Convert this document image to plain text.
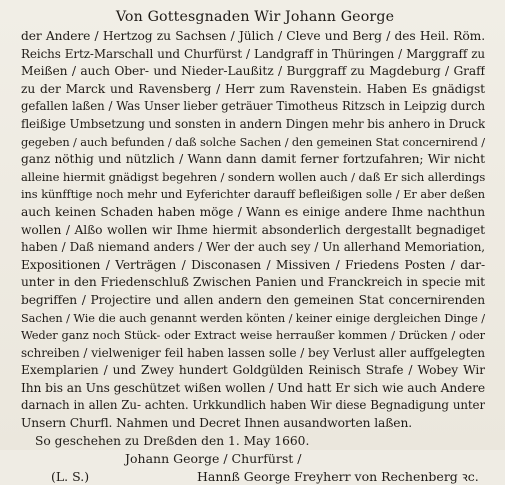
Von Gottesgnaden Wir Johann George
der Andere / Hertzog zu Sachsen / Jülich / Cleve und Berg / des Heil. Röm.
Reichs Ertz-Marschall und Churfürst / Landgraff in Thüringen / Marggraff zu
Meißen / auch Ober- und Nieder-Laußitz / Burggraff zu Magdeburg / Graff
zu der Marck und Ravensberg / Herr zum Ravenstein. Haben Es gnädigst
gefallen laßen / Was Unser lieber geträuer Timotheus Ritzsch in Leipzig durch
fleißige Umbsetzung und sonsten in andern Dingen mehr bis anhero in Druck
gegeben / auch befunden / daß solche Sachen / den gemeinen Stat concernirend /
ganz nöthig und nützlich / Wann dann damit ferner fortzufahren; Wir nicht
alleine hiermit gnädigst begehren / sondern wollen auch / daß Er sich allerdings
ins künfftige noch mehr und Eyferichter darauff befleißigen solle / Er aber deßen
auch keinen Schaden haben möge / Wann es einige andere Ihme nachthun
wollen / Alßo wollen wir Ihme hiermit absonderlich dergestallt begnadiget
haben / Daß niemand anders / Wer der auch sey / Un allerhand Memoriation,
Expositionen / Verträgen / Disconasen / Missiven / Friedens Posten / dar-
unter in den Friedenschluß Zwischen Panien und Franckreich in specie mit
begriffen / Projectire und allen andern den gemeinen Stat concernirenden
Sachen / Wie die auch genannt werden könten / keiner einige dergleichen Dinge /
Weder ganz noch Stück- oder Extract weise herraußer kommen / Drücken / oder
schreiben / vielweniger feil haben lassen solle / bey Verlust aller auffgelegten
Exemplarien / und Zwey hundert Goldgülden Reinisch Strafe / Wobey Wir
Ihn bis an Uns geschützet wißen wollen / Und hatt Er sich wie auch Andere
darnach in allen Zu- achten. Urkkundlich haben Wir diese Begnadigung unter
Unsern Churfl. Nahmen und Decret Ihnen ausandworten laßen.
So geschehen zu Dreßden den 1. May 1660.
Johann George / Churfürst /
(L. S.)	Hannß George Freyherr von Rechenberg ꝛc.
